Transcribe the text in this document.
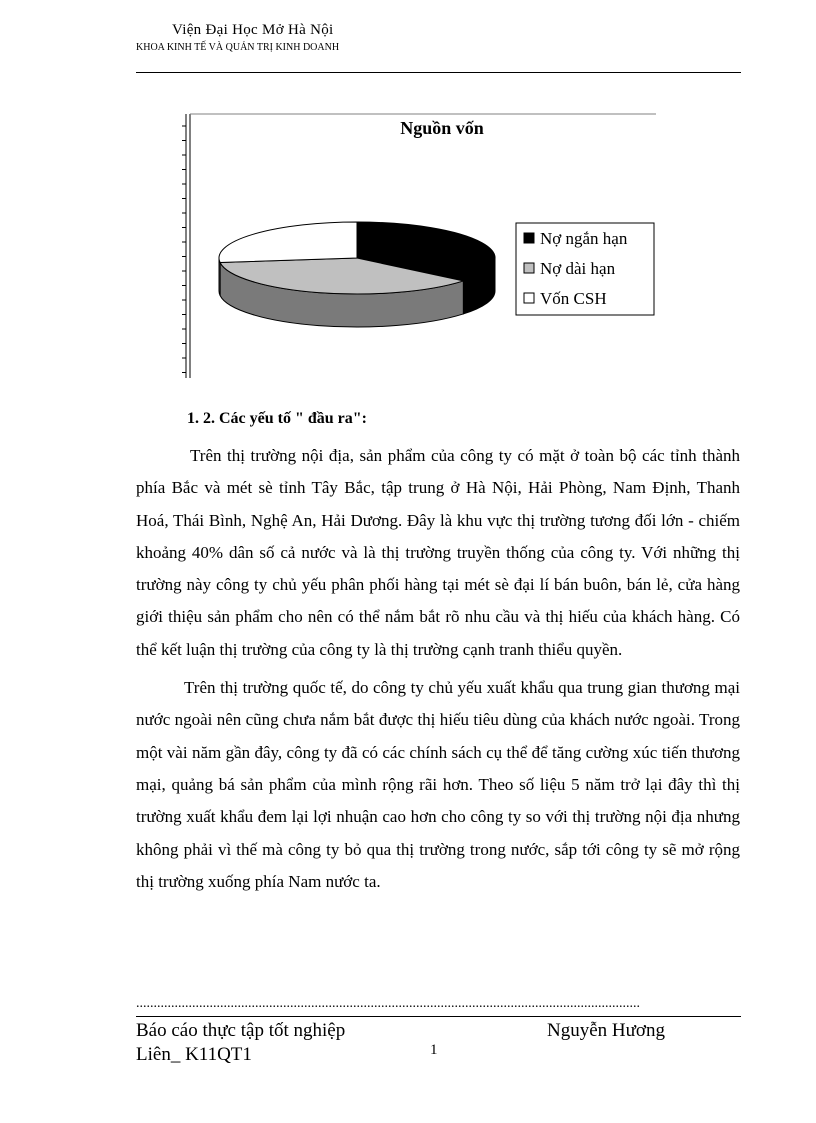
Viện Đại Học Mở Hà Nội
KHOA KINH TẾ VÀ QUẢN TRỊ KINH DOANH
Nguồn vốn
Nợ ngắn hạn
Nợ dài hạn
Vốn CSH
1. 2. Các yếu tố " đầu ra":

Trên thị trường nội địa, sản phẩm của công ty có mặt ở toàn bộ các tỉnh thành phía Bắc và mét sè tỉnh Tây Bắc, tập trung ở Hà Nội, Hải Phòng, Nam Định, Thanh Hoá, Thái Bình, Nghệ An, Hải Dương. Đây là khu vực thị trường tương đối lớn - chiếm khoảng 40% dân số cả nước và là thị trường truyền thống của công ty. Với những thị trường này công ty chủ yếu phân phối hàng tại mét sè đại lí bán buôn, bán lẻ, cửa hàng giới thiệu sản phẩm cho nên có thể nắm bắt rõ nhu cầu và thị hiếu của khách hàng. Có thể kết luận thị trường của công ty là thị trường cạnh tranh thiểu quyền.

Trên thị trường quốc tế, do công ty chủ yếu xuất khẩu qua trung gian thương mại nước ngoài nên cũng chưa nắm bắt được thị hiếu tiêu dùng của khách nước ngoài. Trong một vài năm gần đây, công ty đã có các chính sách cụ thể để tăng cường xúc tiến thương mại, quảng bá sản phẩm của mình rộng rãi hơn. Theo số liệu 5 năm trở lại đây thì thị trường xuất khẩu đem lại lợi nhuận cao hơn cho công ty so với thị trường nội địa nhưng không phải vì thế mà công ty bỏ qua thị trường trong nước, sắp tới công ty sẽ mở rộng thị trường xuống phía Nam nước ta.

................................................................................................................................................
Báo cáo thực tập tốt nghiệp	Nguyễn Hương
Liên_ K11QT1	1
